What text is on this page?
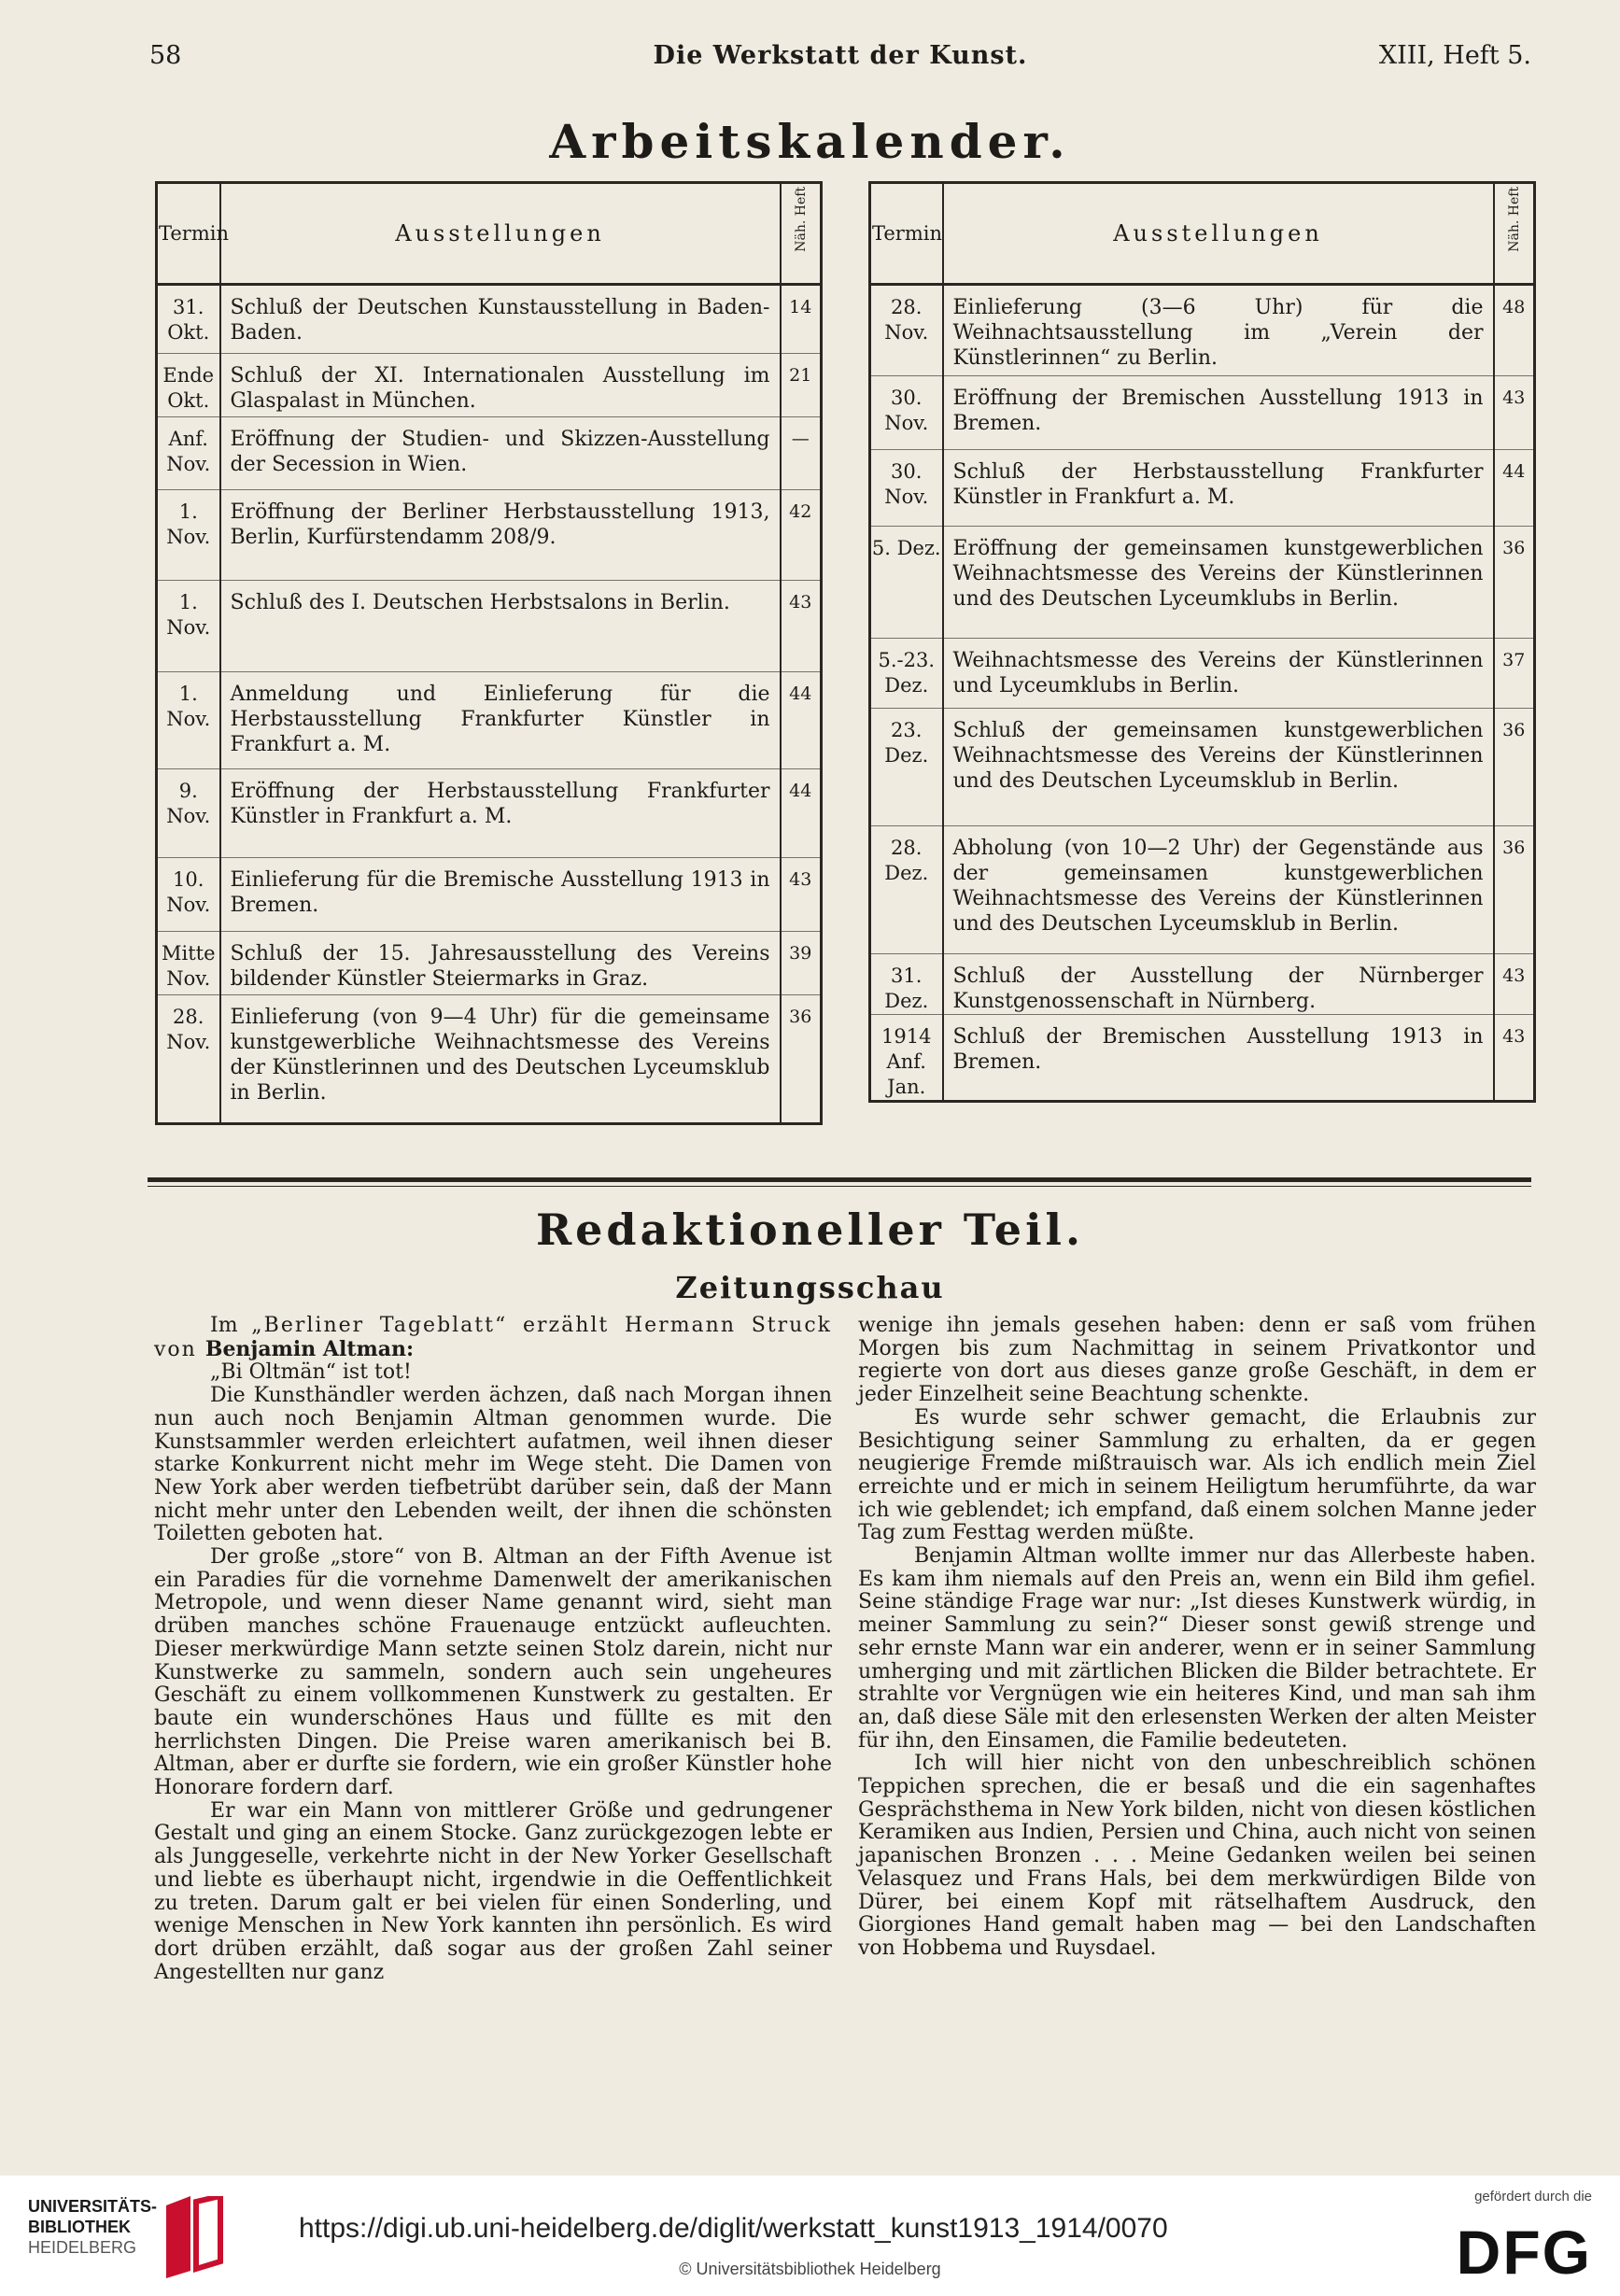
58	Die Werkstatt der Kunst.	XIII, Heft 5.
Arbeitskalender.
Termin	Ausstellungen	Näh. Heft

31. Okt.	Schluß der Deutschen Kunstausstellung in Baden-Baden.	14
Ende Okt.	Schluß der XI. Internationalen Ausstellung im Glaspalast in München.	21
Anf. Nov.	Eröffnung der Studien- und Skizzen-Ausstellung der Secession in Wien.	—
1. Nov.	Eröffnung der Berliner Herbstausstellung 1913, Berlin, Kurfürstendamm 208/9.	42
1. Nov.	Schluß des I. Deutschen Herbstsalons in Berlin.	43
1. Nov.	Anmeldung und Einlieferung für die Herbstausstellung Frankfurter Künstler in Frankfurt a. M.	44
9. Nov.	Eröffnung der Herbstausstellung Frankfurter Künstler in Frankfurt a. M.	44
10. Nov.	Einlieferung für die Bremische Ausstellung 1913 in Bremen.	43
Mitte Nov.	Schluß der 15. Jahresausstellung des Vereins bildender Künstler Steiermarks in Graz.	39
28. Nov.	Einlieferung (von 9—4 Uhr) für die gemeinsame kunstgewerbliche Weihnachtsmesse des Vereins der Künstlerinnen und des Deutschen Lyceumsklub in Berlin.	36
Termin	Ausstellungen	Näh. Heft

28. Nov.	Einlieferung (3—6 Uhr) für die Weihnachtsausstellung im „Verein der Künstlerinnen“ zu Berlin.	48
30. Nov.	Eröffnung der Bremischen Ausstellung 1913 in Bremen.	43
30. Nov.	Schluß der Herbstausstellung Frankfurter Künstler in Frankfurt a. M.	44
5. Dez.	Eröffnung der gemeinsamen kunstgewerblichen Weihnachtsmesse des Vereins der Künstlerinnen und des Deutschen Lyceumklubs in Berlin.	36
5.-23. Dez.	Weihnachtsmesse des Vereins der Künstlerinnen und Lyceumklubs in Berlin.	37
23. Dez.	Schluß der gemeinsamen kunstgewerblichen Weihnachtsmesse des Vereins der Künstlerinnen und des Deutschen Lyceumsklub in Berlin.	36
28. Dez.	Abholung (von 10—2 Uhr) der Gegenstände aus der gemeinsamen kunstgewerblichen Weihnachtsmesse des Vereins der Künstlerinnen und des Deutschen Lyceumsklub in Berlin.	36
31. Dez.	Schluß der Ausstellung der Nürnberger Kunstgenossenschaft in Nürnberg.	43
1914 Anf. Jan.	Schluß der Bremischen Ausstellung 1913 in Bremen.	43
Redaktioneller Teil.
Zeitungsschau

Im „Berliner Tageblatt“ erzählt Hermann Struck von Benjamin Altman:

„Bi Oltmän“ ist tot!

Die Kunsthändler werden ächzen, daß nach Morgan ihnen nun auch noch Benjamin Altman genommen wurde. Die Kunstsammler werden erleichtert aufatmen, weil ihnen dieser starke Konkurrent nicht mehr im Wege steht. Die Damen von New York aber werden tiefbetrübt darüber sein, daß der Mann nicht mehr unter den Lebenden weilt, der ihnen die schönsten Toiletten geboten hat.

Der große „store“ von B. Altman an der Fifth Avenue ist ein Paradies für die vornehme Damenwelt der amerikanischen Metropole, und wenn dieser Name genannt wird, sieht man drüben manches schöne Frauenauge entzückt aufleuchten. Dieser merkwürdige Mann setzte seinen Stolz darein, nicht nur Kunstwerke zu sammeln, sondern auch sein ungeheures Geschäft zu einem vollkommenen Kunstwerk zu gestalten. Er baute ein wunderschönes Haus und füllte es mit den herrlichsten Dingen. Die Preise waren amerikanisch bei B. Altman, aber er durfte sie fordern, wie ein großer Künstler hohe Honorare fordern darf.

Er war ein Mann von mittlerer Größe und gedrungener Gestalt und ging an einem Stocke. Ganz zurückgezogen lebte er als Junggeselle, verkehrte nicht in der New Yorker Gesellschaft und liebte es überhaupt nicht, irgendwie in die Oeffentlichkeit zu treten. Darum galt er bei vielen für einen Sonderling, und wenige Menschen in New York kannten ihn persönlich. Es wird dort drüben erzählt, daß sogar aus der großen Zahl seiner Angestellten nur ganz

wenige ihn jemals gesehen haben: denn er saß vom frühen Morgen bis zum Nachmittag in seinem Privatkontor und regierte von dort aus dieses ganze große Geschäft, in dem er jeder Einzelheit seine Beachtung schenkte.

Es wurde sehr schwer gemacht, die Erlaubnis zur Besichtigung seiner Sammlung zu erhalten, da er gegen neugierige Fremde mißtrauisch war. Als ich endlich mein Ziel erreichte und er mich in seinem Heiligtum herumführte, da war ich wie geblendet; ich empfand, daß einem solchen Manne jeder Tag zum Festtag werden müßte.

Benjamin Altman wollte immer nur das Allerbeste haben. Es kam ihm niemals auf den Preis an, wenn ein Bild ihm gefiel. Seine ständige Frage war nur: „Ist dieses Kunstwerk würdig, in meiner Sammlung zu sein?“ Dieser sonst gewiß strenge und sehr ernste Mann war ein anderer, wenn er in seiner Sammlung umherging und mit zärtlichen Blicken die Bilder betrachtete. Er strahlte vor Vergnügen wie ein heiteres Kind, und man sah ihm an, daß diese Säle mit den erlesensten Werken der alten Meister für ihn, den Einsamen, die Familie bedeuteten.

Ich will hier nicht von den unbeschreiblich schönen Teppichen sprechen, die er besaß und die ein sagenhaftes Gesprächsthema in New York bilden, nicht von diesen köstlichen Keramiken aus Indien, Persien und China, auch nicht von seinen japanischen Bronzen . . . Meine Gedanken weilen bei seinen Velasquez und Frans Hals, bei dem merkwürdigen Bilde von Dürer, bei einem Kopf mit rätselhaftem Ausdruck, den Giorgiones Hand gemalt haben mag — bei den Landschaften von Hobbema und Ruysdael.

UNIVERSITÄTS-
BIBLIOTHEK
HEIDELBERG
https://digi.ub.uni-heidelberg.de/diglit/werkstatt_kunst1913_1914/0070
© Universitätsbibliothek Heidelberg
gefördert durch die
DFG
